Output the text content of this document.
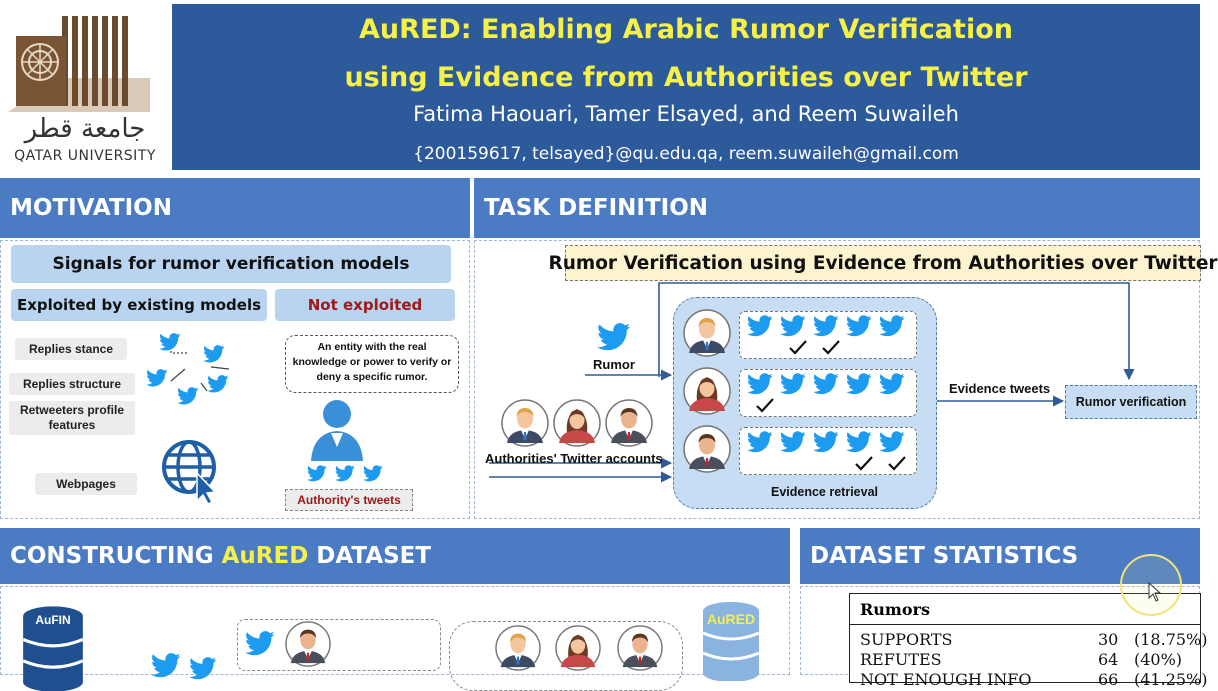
جامعة قطر
QATAR UNIVERSITY
AuRED: Enabling Arabic Rumor Verification
using Evidence from Authorities over Twitter
Fatima Haouari, Tamer Elsayed, and Reem Suwaileh
{200159617, telsayed}@qu.edu.qa, reem.suwaileh@gmail.com
MOTIVATION
Signals for rumor verification models
Exploited by existing models	Not exploited
Replies stance
Replies structure
Retweeters profile features
Webpages
An entity with the real knowledge or power to verify or deny a specific rumor.
Authority's tweets
TASK DEFINITION
Rumor Verification using Evidence from Authorities over Twitter
Rumor
Authorities' Twitter accounts
Evidence retrieval
Evidence tweets
Rumor verification
CONSTRUCTING AuRED DATASET
AuFIN	AuRED
DATASET STATISTICS
Rumors
SUPPORTS	30 (18.75%)
REFUTES	64 (40%)
NOT ENOUGH INFO	66 (41.25%)
